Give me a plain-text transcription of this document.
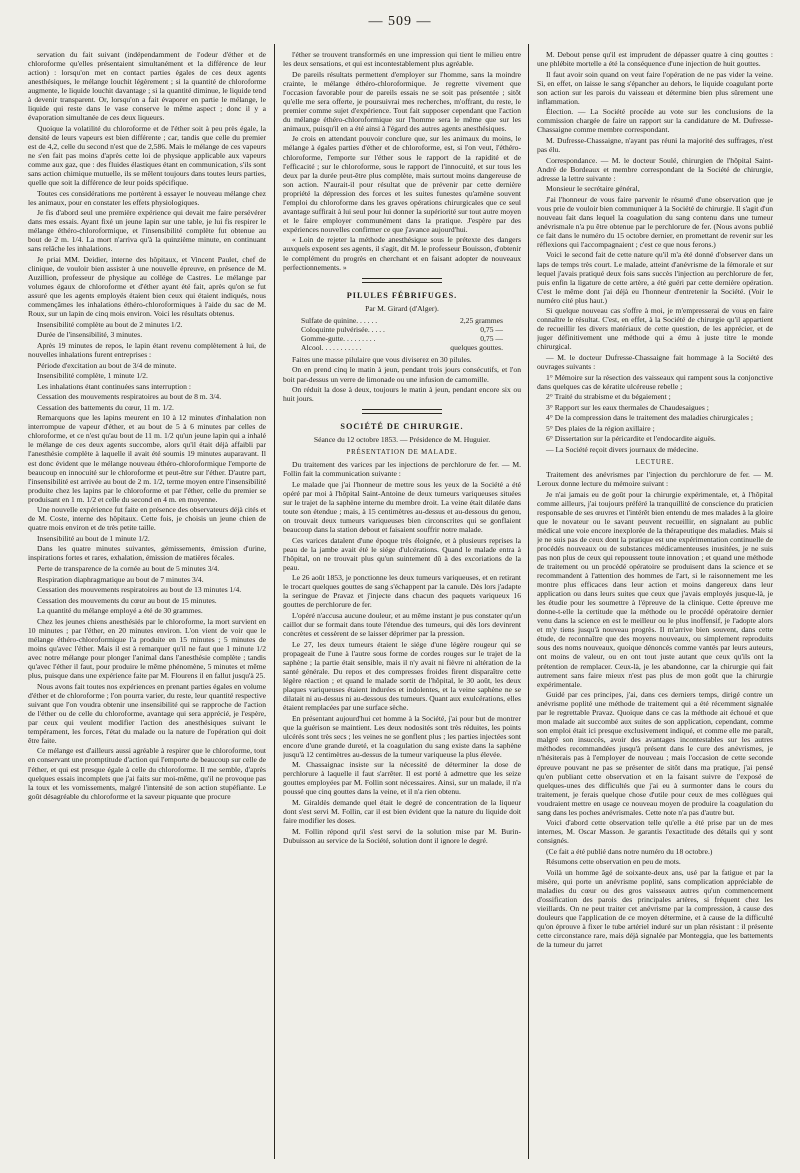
— 509 —

servation du fait suivant (indépendamment de l'odeur d'éther et de chloroforme qu'elles présentaient simultanément et la différence de leur action) : lorsqu'on met en contact parties égales de ces deux agents anesthésiques, le mélange louchit légèrement ; si la quantité de chloroforme augmente, le liquide louchit davantage ; si la quantité diminue, le liquide tend à devenir transparent. Or, lorsqu'on a fait évaporer en partie le mélange, le liquide qui reste dans le vase conserve le même aspect ; donc il y a évaporation simultanée de ces deux liqueurs.

Quoique la volatilité du chloroforme et de l'éther soit à peu près égale, la densité de leurs vapeurs est bien différente ; car, tandis que celle du premier est de 4,2, celle du second n'est que de 2,586. Mais le mélange de ces vapeurs ne s'en fait pas moins d'après cette loi de physique applicable aux vapeurs comme aux gaz, que : des fluides élastiques étant en communication, s'ils sont sans action chimique mutuelle, ils se mêlent toujours dans toutes leurs parties, quelle que soit la différence de leur poids spécifique.

Toutes ces considérations me portèrent à essayer le nouveau mélange chez les animaux, pour en constater les effets physiologiques.

Je fis d'abord seul une première expérience qui devait me faire persévérer dans mes essais. Ayant fixé un jeune lapin sur une table, je lui fis respirer le mélange éthéro-chloroformique, et l'insensibilité complète fut obtenue au bout de 2 m. 1/4. La mort n'arriva qu'à la quinzième minute, en continuant sans relâche les inhalations.

Je priai MM. Deidier, interne des hôpitaux, et Vincent Paulet, chef de clinique, de vouloir bien assister à une nouvelle épreuve, en présence de M. Auzillion, professeur de physique au collége de Castres. Le mélange par volumes égaux de chloroforme et d'éther ayant été fait, après qu'on se fut assuré que les agents employés étaient bien ceux qui étaient indiqués, nous commençâmes les inhalations éthéro-chloroformiques à l'aide du sac de M. Roux, sur un lapin de cinq mois environ. Voici les résultats obtenus.

Insensibilité complète au bout de 2 minutes 1/2.

Durée de l'insensibilité, 3 minutes.

Après 19 minutes de repos, le lapin étant revenu complètement à lui, de nouvelles inhalations furent entreprises :

Période d'excitation au bout de 3/4 de minute.

Insensibilité complète, 1 minute 1/2.

Les inhalations étant continuées sans interruption :

Cessation des mouvements respiratoires au bout de 8 m. 3/4.

Cessation des battements du cœur, 11 m. 1/2.

Remarquons que les lapins meurent en 10 à 12 minutes d'inhalation non interrompue de vapeur d'éther, et au bout de 5 à 6 minutes par celles de chloroforme, et ce n'est qu'au bout de 11 m. 1/2 qu'un jeune lapin qui a inhalé le mélange de ces deux agents succombe, alors qu'il était déjà affaibli par l'anesthésie complète à laquelle il avait été soumis 19 minutes auparavant. Il est donc évident que le mélange nouveau éthéro-chloroformique l'emporte de beaucoup en innocuité sur le chloroforme et peut-être sur l'éther. D'autre part, l'insensibilité est arrivée au bout de 2 m. 1/2, terme moyen entre l'insensibilité produite chez les lapins par le chloroforme et par l'éther, celle du premier se produisant en 1 m. 1/2 et celle du second en 4 m. en moyenne.

Une nouvelle expérience fut faite en présence des observateurs déjà cités et de M. Coste, interne des hôpitaux. Cette fois, je choisis un jeune chien de quatre mois environ et de très petite taille.

Insensibilité au bout de 1 minute 1/2.

Dans les quatre minutes suivantes, gémissements, émission d'urine, inspirations fortes et rares, exhalation, émission de matières fécales.

Perte de transparence de la cornée au bout de 5 minutes 3/4.

Respiration diaphragmatique au bout de 7 minutes 3/4.

Cessation des mouvements respiratoires au bout de 13 minutes 1/4.

Cessation des mouvements du cœur au bout de 15 minutes.

La quantité du mélange employé a été de 30 grammes.

Chez les jeunes chiens anesthésiés par le chloroforme, la mort survient en 10 minutes ; par l'éther, en 20 minutes environ. L'on vient de voir que le mélange éthéro-chloroformique l'a produite en 15 minutes ; 5 minutes de moins qu'avec l'éther. Mais il est à remarquer qu'il ne faut que 1 minute 1/2 avec notre mélange pour plonger l'animal dans l'anesthésie complète ; tandis qu'avec l'éther il faut, pour produire le même phénomène, 5 minutes et même plus, puisque dans une expérience faite par M. Flourens il en fallut jusqu'à 25.

Nous avons fait toutes nos expériences en prenant parties égales en volume d'éther et de chloroforme ; l'on pourra varier, du reste, leur quantité respective suivant que l'on voudra obtenir une insensibilité qui se rapproche de l'action de l'éther ou de celle du chloroforme, avantage qui sera apprécié, je l'espère, par ceux qui veulent modifier l'action des anesthésiques suivant le tempérament, les forces, l'état du malade ou la nature de l'opération qui doit être faite.

Ce mélange est d'ailleurs aussi agréable à respirer que le chloroforme, tout en conservant une promptitude d'action qui l'emporte de beaucoup sur celle de l'éther, et qui est presque égale à celle du chloroforme. Il me semble, d'après quelques essais incomplets que j'ai faits sur moi-même, qu'il ne provoque pas la toux et les vomissements, malgré l'intensité de son action stupéfiante. Le goût désagréable du chloroforme et la saveur piquante que procure

l'éther se trouvent transformés en une impression qui tient le milieu entre les deux sensations, et qui est incontestablement plus agréable.

De pareils résultats permettent d'employer sur l'homme, sans la moindre crainte, le mélange éthéro-chloroformique. Je regrette vivement que l'occasion favorable pour de pareils essais ne se soit pas présentée ; sitôt qu'elle me sera offerte, je poursuivrai mes recherches, m'offrant, du reste, le premier comme sujet d'expérience. Tout fait supposer cependant que l'action du mélange éthéro-chloroformique sur l'homme sera le même que sur les animaux, puisqu'il en a été ainsi à l'égard des autres agents anesthésiques.

Je crois en attendant pouvoir conclure que, sur les animaux du moins, le mélange à égales parties d'éther et de chloroforme, est, si l'on veut, l'éthéro-chloroforme, l'emporte sur l'éther sous le rapport de la rapidité et de l'efficacité ; sur le chloroforme, sous le rapport de l'innocuité, et sur tous les deux par la durée peut-être plus complète, mais surtout moins dangereuse de son action. N'aurait-il pour résultat que de prévenir par cette dernière propriété la dépression des forces et les suites funestes qu'amène souvent l'emploi du chloroforme dans les graves opérations chirurgicales que ce seul avantage suffirait à lui seul pour lui donner la supériorité sur tout autre moyen et le faire employer communément dans la pratique. J'espère par des expériences nouvelles confirmer ce que j'avance aujourd'hui.

« Loin de rejeter la méthode anesthésique sous le prétexte des dangers auxquels exposent ses agents, il s'agit, dit M. le professeur Bouisson, d'obtenir le complément du progrès en cherchant et en faisant adopter de nouveaux perfectionnements. »

PILULES FÉBRIFUGES.

Par M. Girard (d'Alger).

Sulfate de quinine. . . . . .	2,25 grammes
Coloquinte pulvérisée. . . . .	0,75 —
Gomme-gutte. . . . . . . . .	0,75 —
Alcool. . . . . . . . . . .	quelques gouttes.

Faites une masse pilulaire que vous diviserez en 30 pilules.

On en prend cinq le matin à jeun, pendant trois jours consécutifs, et l'on boit par-dessus un verre de limonade ou une infusion de camomille.

On réduit la dose à deux, toujours le matin à jeun, pendant encore six ou huit jours.

SOCIÉTÉ DE CHIRURGIE.

Séance du 12 octobre 1853. — Présidence de M. Huguier.

PRÉSENTATION DE MALADE.

Du traitement des varices par les injections de perchlorure de fer. — M. Follin fait la communication suivante :

Le malade que j'ai l'honneur de mettre sous les yeux de la Société a été opéré par moi à l'hôpital Saint-Antoine de deux tumeurs variqueuses situées sur le trajet de la saphène interne du membre droit. La veine était dilatée dans toute son étendue ; mais, à 15 centimètres au-dessus et au-dessous du genou, on trouvait deux tumeurs variqueuses bien circonscrites qui se gonflaient beaucoup dans la station debout et faisaient souffrir notre malade.

Ces varices datalent d'une époque très éloignée, et à plusieurs reprises la peau de la jambe avait été le siége d'ulcérations. Quand le malade entra à l'hôpital, on ne trouvait plus qu'un suintement dû à des excoriations de la peau.

Le 26 août 1853, je ponctionne les deux tumeurs variqueuses, et en retirant le trocart quelques gouttes de sang s'échappent par la canule. Dès lors j'adapte la seringue de Pravaz et j'injecte dans chacun des paquets variqueux 16 gouttes de perchlorure de fer.

L'opéré n'accusa aucune douleur, et au même instant je pus constater qu'un caillot dur se formait dans toute l'étendue des tumeurs, qui dès lors devinrent concrètes et cessèrent de se laisser déprimer par la pression.

Le 27, les deux tumeurs étaient le siége d'une légère rougeur qui se propageait de l'une à l'autre sous forme de cordes rouges sur le trajet de la saphène ; la partie était sensible, mais il n'y avait ni fièvre ni altération de la santé générale. Du repos et des compresses froides firent disparaître cette légère réaction ; et quand le malade sortit de l'hôpital, le 30 août, les deux plaques variqueuses étaient indurées et indolentes, et la veine saphène ne se dilatait ni au-dessus ni au-dessous des tumeurs. Quant aux exulcérations, elles étaient remplacées par une surface sèche.

En présentant aujourd'hui cet homme à la Société, j'ai pour but de montrer que la guérison se maintient. Les deux nodosités sont très réduites, les points ulcérés sont très secs ; les veines ne se gonflent plus ; les parties injectées sont encore d'une grande dureté, et la coagulation du sang existe dans la saphène jusqu'à 12 centimètres au-dessus de la tumeur variqueuse la plus élevée.

M. Chassaignac insiste sur la nécessité de déterminer la dose de perchlorure à laquelle il faut s'arrêter. Il est porté à admettre que les seize gouttes employées par M. Follin sont nécessaires. Ainsi, sur un malade, il n'a poussé que cinq gouttes dans la veine, et il n'a rien obtenu.

M. Giraldès demande quel était le degré de concentration de la liqueur dont s'est servi M. Follin, car il est bien évident que la nature du liquide doit faire modifier les doses.

M. Follin répond qu'il s'est servi de la solution mise par M. Burin-Dubuisson au service de la Société, solution dont il ignore le degré.

M. Debout pense qu'il est imprudent de dépasser quatre à cinq gouttes : une phlébite mortelle a été la conséquence d'une injection de huit gouttes.

Il faut avoir soin quand on veut faire l'opération de ne pas vider la veine. Si, en effet, on laisse le sang s'épancher au dehors, le liquide coagulant porte son action sur les parois du vaisseau et détermine bien plus sûrement une inflammation.

Élection. — La Société procède au vote sur les conclusions de la commission chargée de faire un rapport sur la candidature de M. Dufresse-Chassaigne comme membre correspondant.

M. Dufresse-Chassaigne, n'ayant pas réuni la majorité des suffrages, n'est pas élu.

Correspondance. — M. le docteur Soulé, chirurgien de l'hôpital Saint-André de Bordeaux et membre correspondant de la Société de chirurgie, adresse la lettre suivante :

Monsieur le secrétaire général,

J'ai l'honneur de vous faire parvenir le résumé d'une observation que je vous prie de vouloir bien communiquer à la Société de chirurgie. Il s'agit d'un nouveau fait dans lequel la coagulation du sang contenu dans une tumeur anévrismale n'a pu être obtenue par le perchlorure de fer. (Nous avons publié ce fait dans le numéro du 15 octobre dernier, en promettant de revenir sur les réflexions qui l'accompagnaient ; c'est ce que nous ferons.)

Voici le second fait de cette nature qu'il m'a été donné d'observer dans un laps de temps très court. Le malade, atteint d'anévrisme de la fémorale et sur lequel j'avais pratiqué deux fois sans succès l'injection au perchlorure de fer, puis enfin la ligature de cette artère, a été guéri par cette dernière opération. C'est le même dont j'ai déjà eu l'honneur d'entretenir la Société. (Voir le numéro cité plus haut.)

Si quelque nouveau cas s'offre à moi, je m'empresserai de vous en faire connaître le résultat. C'est, en effet, à la Société de chirurgie qu'il appartient de recueillir les divers matériaux de cette question, de les apprécier, et de juger définitivement une méthode qui a ému à juste titre le monde chirurgical.

— M. le docteur Dufresse-Chassaigne fait hommage à la Société des ouvrages suivants :

1° Mémoire sur la résection des vaisseaux qui rampent sous la conjonctive dans quelques cas de kératite ulcéreuse rebelle ;

2° Traité du strabisme et du bégaiement ;

3° Rapport sur les eaux thermales de Chaudesaigues ;

4° De la compression dans le traitement des maladies chirurgicales ;

5° Des plaies de la région axillaire ;

6° Dissertation sur la péricardite et l'endocardite aiguës.

— La Société reçoit divers journaux de médecine.

LECTURE.

Traitement des anévrismes par l'injection du perchlorure de fer. — M. Leroux donne lecture du mémoire suivant :

Je n'ai jamais eu de goût pour la chirurgie expérimentale, et, à l'hôpital comme ailleurs, j'ai toujours préféré la tranquillité de conscience du praticien responsable de ses œuvres et l'intérêt bien entendu de mes malades à la gloire que le novateur ou le savant peuvent recueillir, en signalant au public médical une voie encore inexplorée de la thérapeutique des maladies. Mais si je ne suis pas de ceux dont la pratique est une expérimentation continuelle de procédés nouveaux ou de substances médicamenteuses inusitées, je ne suis pas non plus de ceux qui repoussent toute innovation ; et quand une méthode de traitement ou un procédé opératoire se produisent dans la science et se recommandent à l'attention des hommes de l'art, si le raisonnement me les montre plus efficaces dans leur action et moins dangereux dans leur application ou dans leurs suites que ceux que j'avais employés jusque-là, je les étudie pour les soumettre à l'épreuve de la clinique. Cette épreuve me donne-t-elle la certitude que la méthode ou le procédé opératoire dernier venu dans la science en est le meilleur ou le plus inoffensif, je l'adopte alors et m'y tiens jusqu'à nouveau progrès. Il m'arrive bien souvent, dans cette étude, de reconnaître que des moyens nouveaux, ou simplement reproduits sous des noms nouveaux, quoique dénoncés comme vantés par leurs auteurs, ont moins de valeur, ou en ont tout juste autant que ceux qu'ils ont la prétention de remplacer. Ceux-là, je les abandonne, car la chirurgie qui fait autrement sans faire mieux n'est pas plus de mon goût que la chirurgie expérimentale.

Guidé par ces principes, j'ai, dans ces derniers temps, dirigé contre un anévrisme poplité une méthode de traitement qui a été récemment signalée par le regrettable Pravaz. Quoique dans ce cas la méthode ait échoué et que mon malade ait succombé aux suites de son application, cependant, comme son emploi était ici presque exclusivement indiqué, et comme elle me paraît, malgré son insuccès, avoir des avantages incontestables sur les autres méthodes recommandées jusqu'à présent dans le cure des anévrismes, je n'hésiterais pas à l'employer de nouveau ; mais l'occasion de cette seconde épreuve pouvant ne pas se présenter de sitôt dans ma pratique, j'ai pensé qu'en publiant cette observation et en la faisant suivre de l'exposé de quelques-unes des difficultés que j'ai eu à surmonter dans le cours du traitement, je ferais quelque chose d'utile pour ceux de mes collègues qui voudraient mettre en usage ce nouveau moyen de produire la coagulation du sang dans les poches anévrismales. Cette note n'a pas d'autre but.

Voici d'abord cette observation telle qu'elle a été prise par un de mes internes, M. Oscar Masson. Je garantis l'exactitude des détails qui y sont consignés.

(Ce fait a été publié dans notre numéro du 18 octobre.)

Résumons cette observation en peu de mots.

Voilà un homme âgé de soixante-deux ans, usé par la fatigue et par la misère, qui porte un anévrisme poplité, sans complication appréciable de maladies du cœur ou des gros vaisseaux autres qu'un commencement d'ossification des parois des principales artères, si fréquent chez les vieillards. On ne peut traiter cet anévrisme par la compression, à cause des douleurs que l'application de ce moyen détermine, et à cause de la difficulté qu'on éprouve à fixer le tube artériel induré sur un plan résistant : il présente cette circonstance rare, mais déjà signalée par Monteggia, que les battements de la tumeur du jarret
